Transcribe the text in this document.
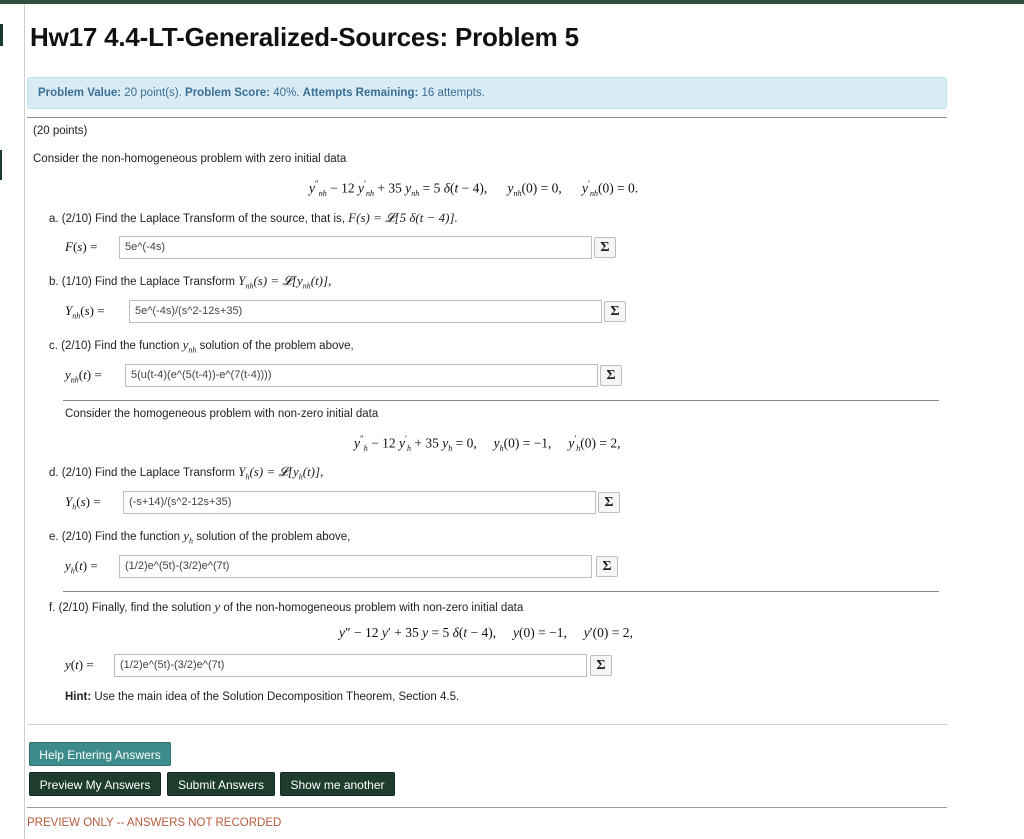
Hw17 4.4-LT-Generalized-Sources: Problem 5
Problem Value: 20 point(s). Problem Score: 40%. Attempts Remaining: 16 attempts.
(20 points)
Consider the non-homogeneous problem with zero initial data
$y''_{nh} - 12$ $y'_{nh} + 35$ $y_{nh} = 5$ δ(t − 4),      $y_{nh}(0) = 0$,      $y'_{nh}(0) = 0$.
a. (2/10) Find the Laplace Transform of the source, that is, F(s) = 𝓛[5 δ(t − 4)].
F(s) =	5e^(-4s)	Σ
b. (1/10) Find the Laplace Transform $Y_{nh}(s)$ = $𝓛[y_{nh}(t)]$,
$Y_{nh}(s)$ =	5e^(-4s)/(s^2-12s+35)	Σ
c. (2/10) Find the function $y_{nh}$ solution of the problem above,
$y_{nh}(t)$ =	5(u(t-4)(e^(5(t-4))-e^(7(t-4))))	Σ
Consider the homogeneous problem with non-zero initial data
$y''_h - 12$ $y'_h + 35$ $y_h = 0$,     $y_h(0) = -1$,     $y'_h(0) = 2$,
d. (2/10) Find the Laplace Transform $Y_h(s)$ = $𝓛[y_h(t)]$,
$Y_h(s)$ =	(-s+14)/(s^2-12s+35)	Σ
e. (2/10) Find the function $y_h$ solution of the problem above,
$y_h(t)$ =	(1/2)e^(5t)-(3/2)e^(7t)	Σ
f. (2/10) Finally, find the solution y of the non-homogeneous problem with non-zero initial data
y″ − 12 y′ + 35 y = 5 δ(t − 4),     y(0) = −1,     y′(0) = 2,
y(t) =	(1/2)e^(5t)-(3/2)e^(7t)	Σ
Hint: Use the main idea of the Solution Decomposition Theorem, Section 4.5.
Help Entering Answers
Preview My Answers	Submit Answers	Show me another
PREVIEW ONLY -- ANSWERS NOT RECORDED
